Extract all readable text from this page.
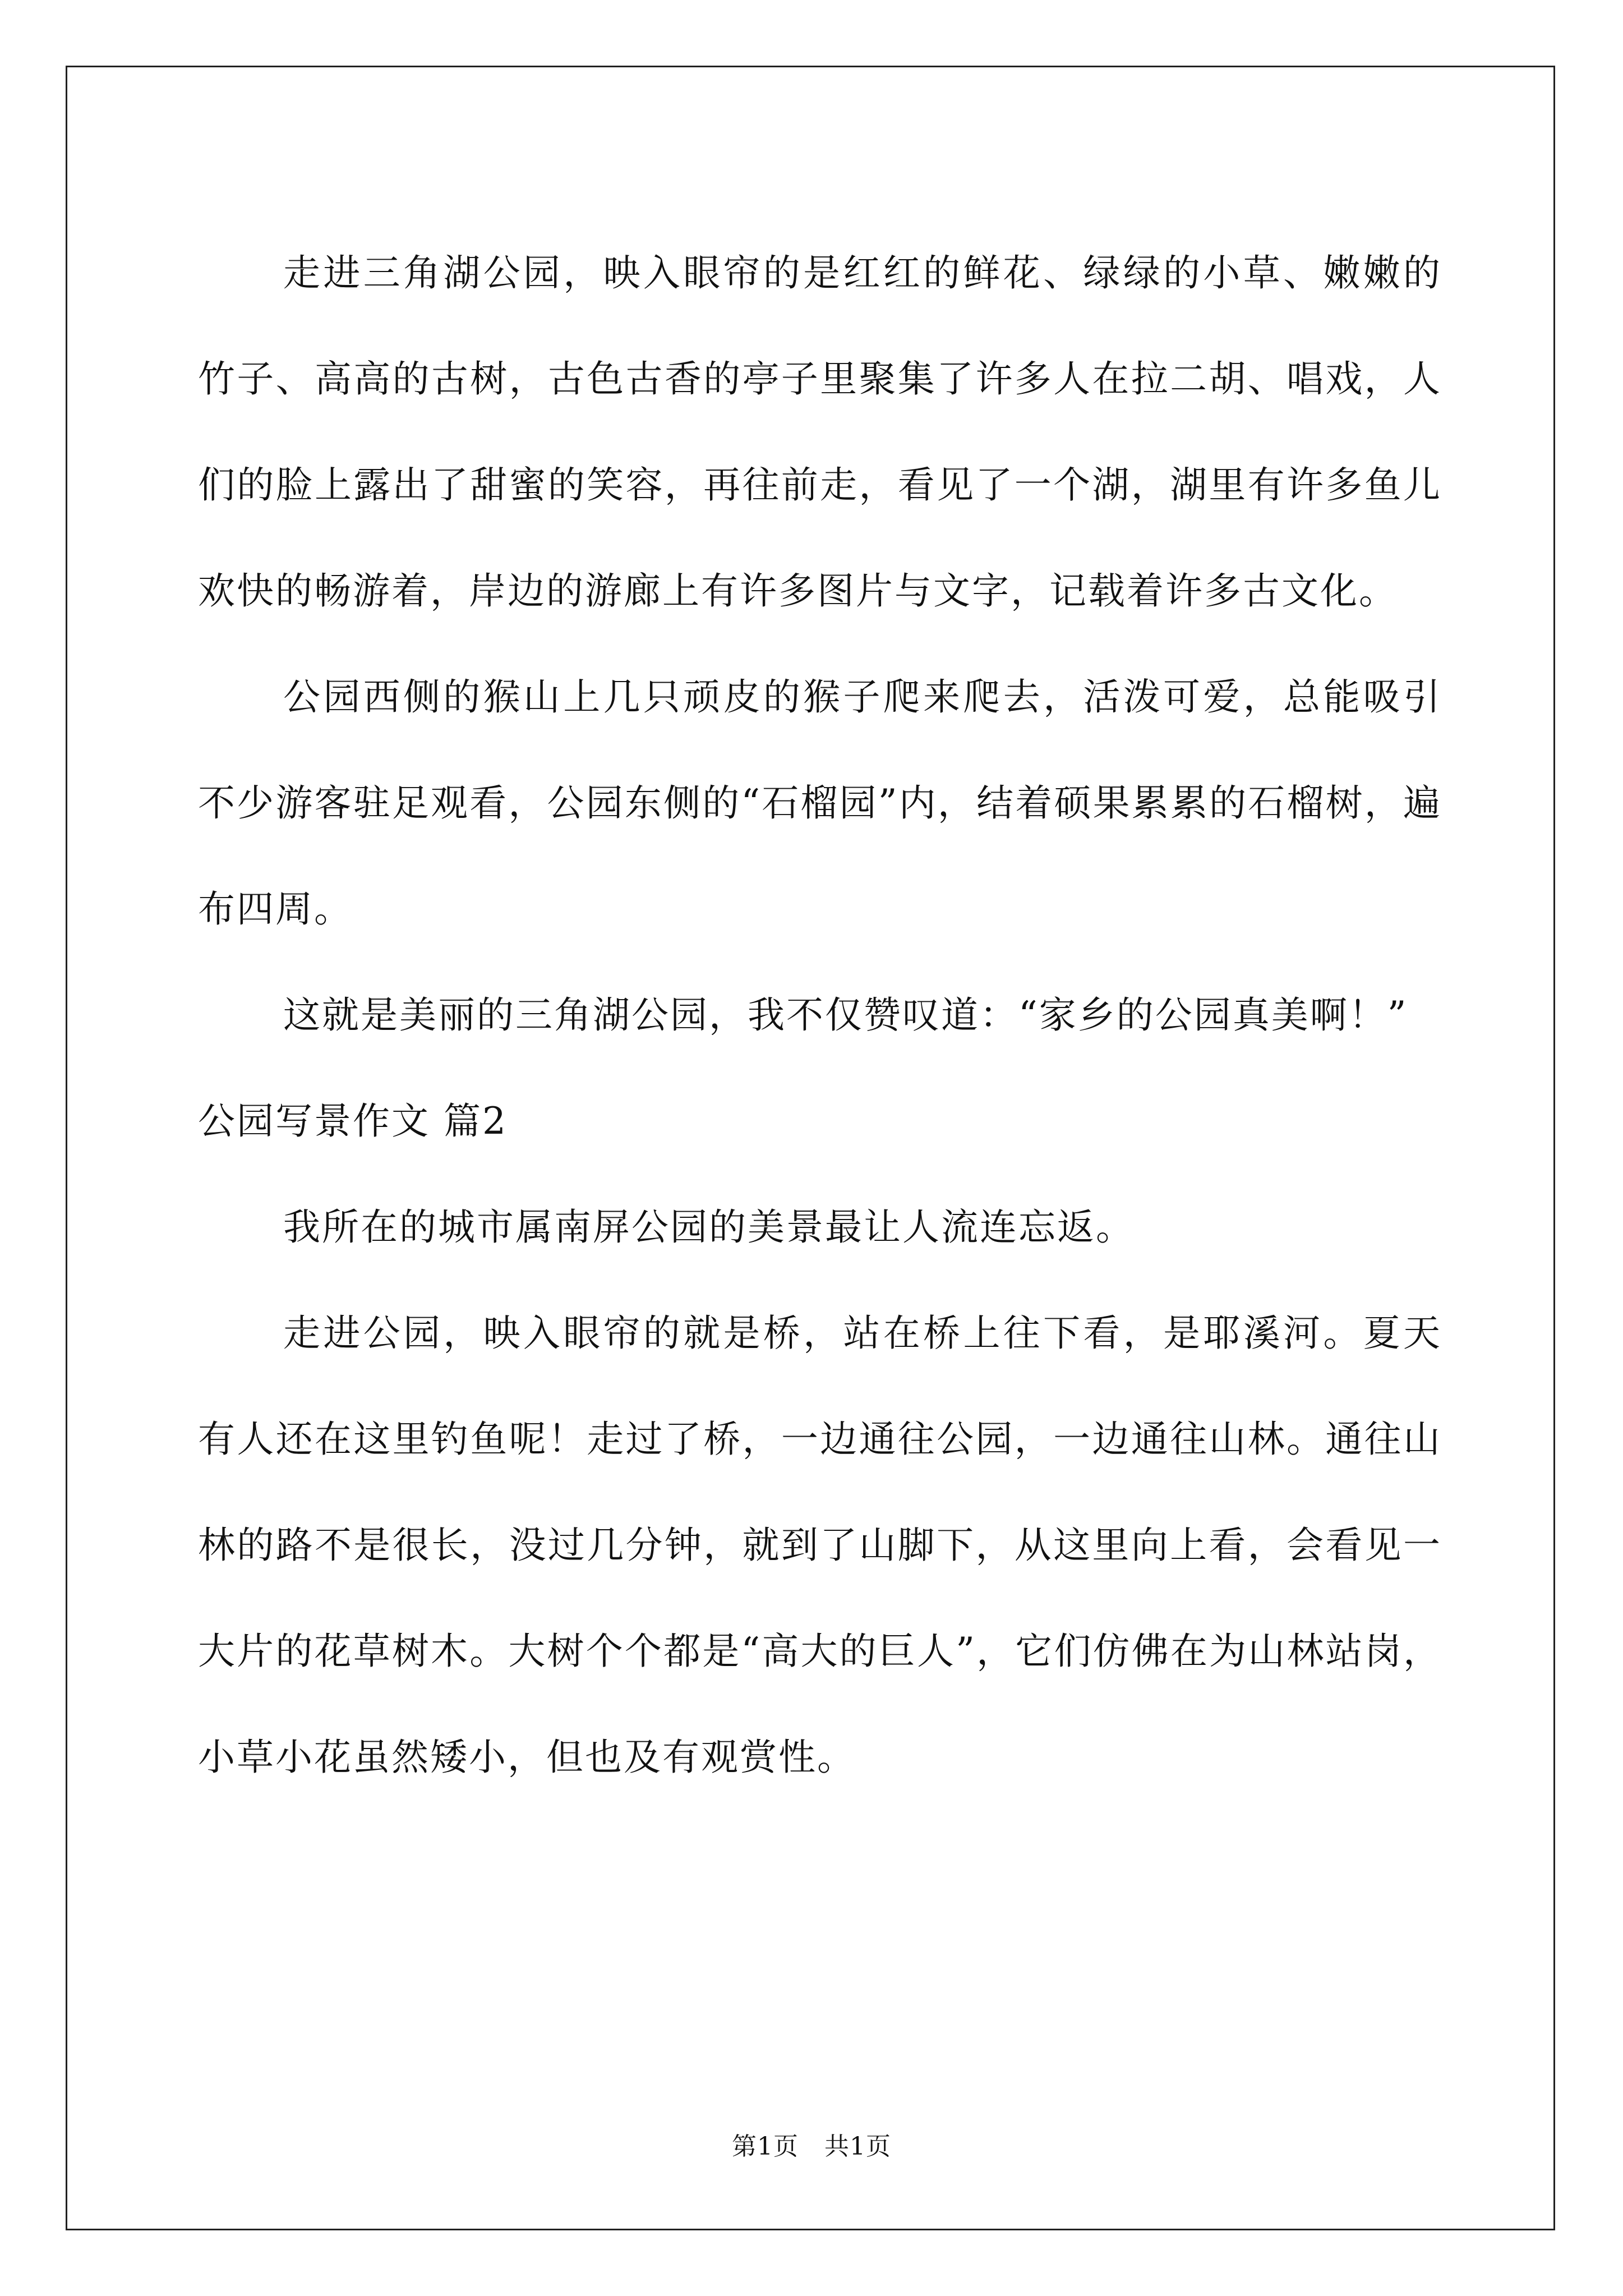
走进三角湖公园，映入眼帘的是红红的鲜花、绿绿的小草、嫩嫩的竹子、高高的古树，古色古香的亭子里聚集了许多人在拉二胡、唱戏，人们的脸上露出了甜蜜的笑容，再往前走，看见了一个湖，湖里有许多鱼儿欢快的畅游着，岸边的游廊上有许多图片与文字，记载着许多古文化。

公园西侧的猴山上几只顽皮的猴子爬来爬去，活泼可爱，总能吸引不少游客驻足观看，公园东侧的“石榴园”内，结着硕果累累的石榴树，遍布四周。

这就是美丽的三角湖公园，我不仅赞叹道：“家乡的公园真美啊！”

公园写景作文 篇2

我所在的城市属南屏公园的美景最让人流连忘返。

走进公园，映入眼帘的就是桥，站在桥上往下看，是耶溪河。夏天有人还在这里钓鱼呢！走过了桥，一边通往公园，一边通往山林。通往山林的路不是很长，没过几分钟，就到了山脚下，从这里向上看，会看见一大片的花草树木。大树个个都是“高大的巨人”，它们仿佛在为山林站岗，小草小花虽然矮小，但也及有观赏性。

第1页 共1页
